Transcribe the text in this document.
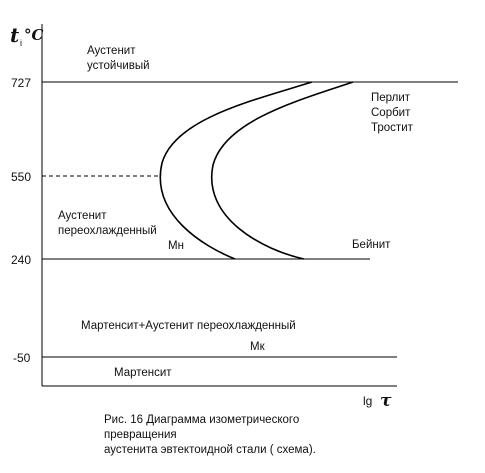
t i °C
727
550
240
-50
Аустенит устойчивый
Перлит Сорбит Тростит
Аустенит переохлажденный
Мн	Бейнит
Мартенсит+Аустенит переохлажденный
Мк
Мартенсит
lg τ
Рис. 16 Диаграмма изометрического превращения аустенита эвтектоидной стали ( схема).
